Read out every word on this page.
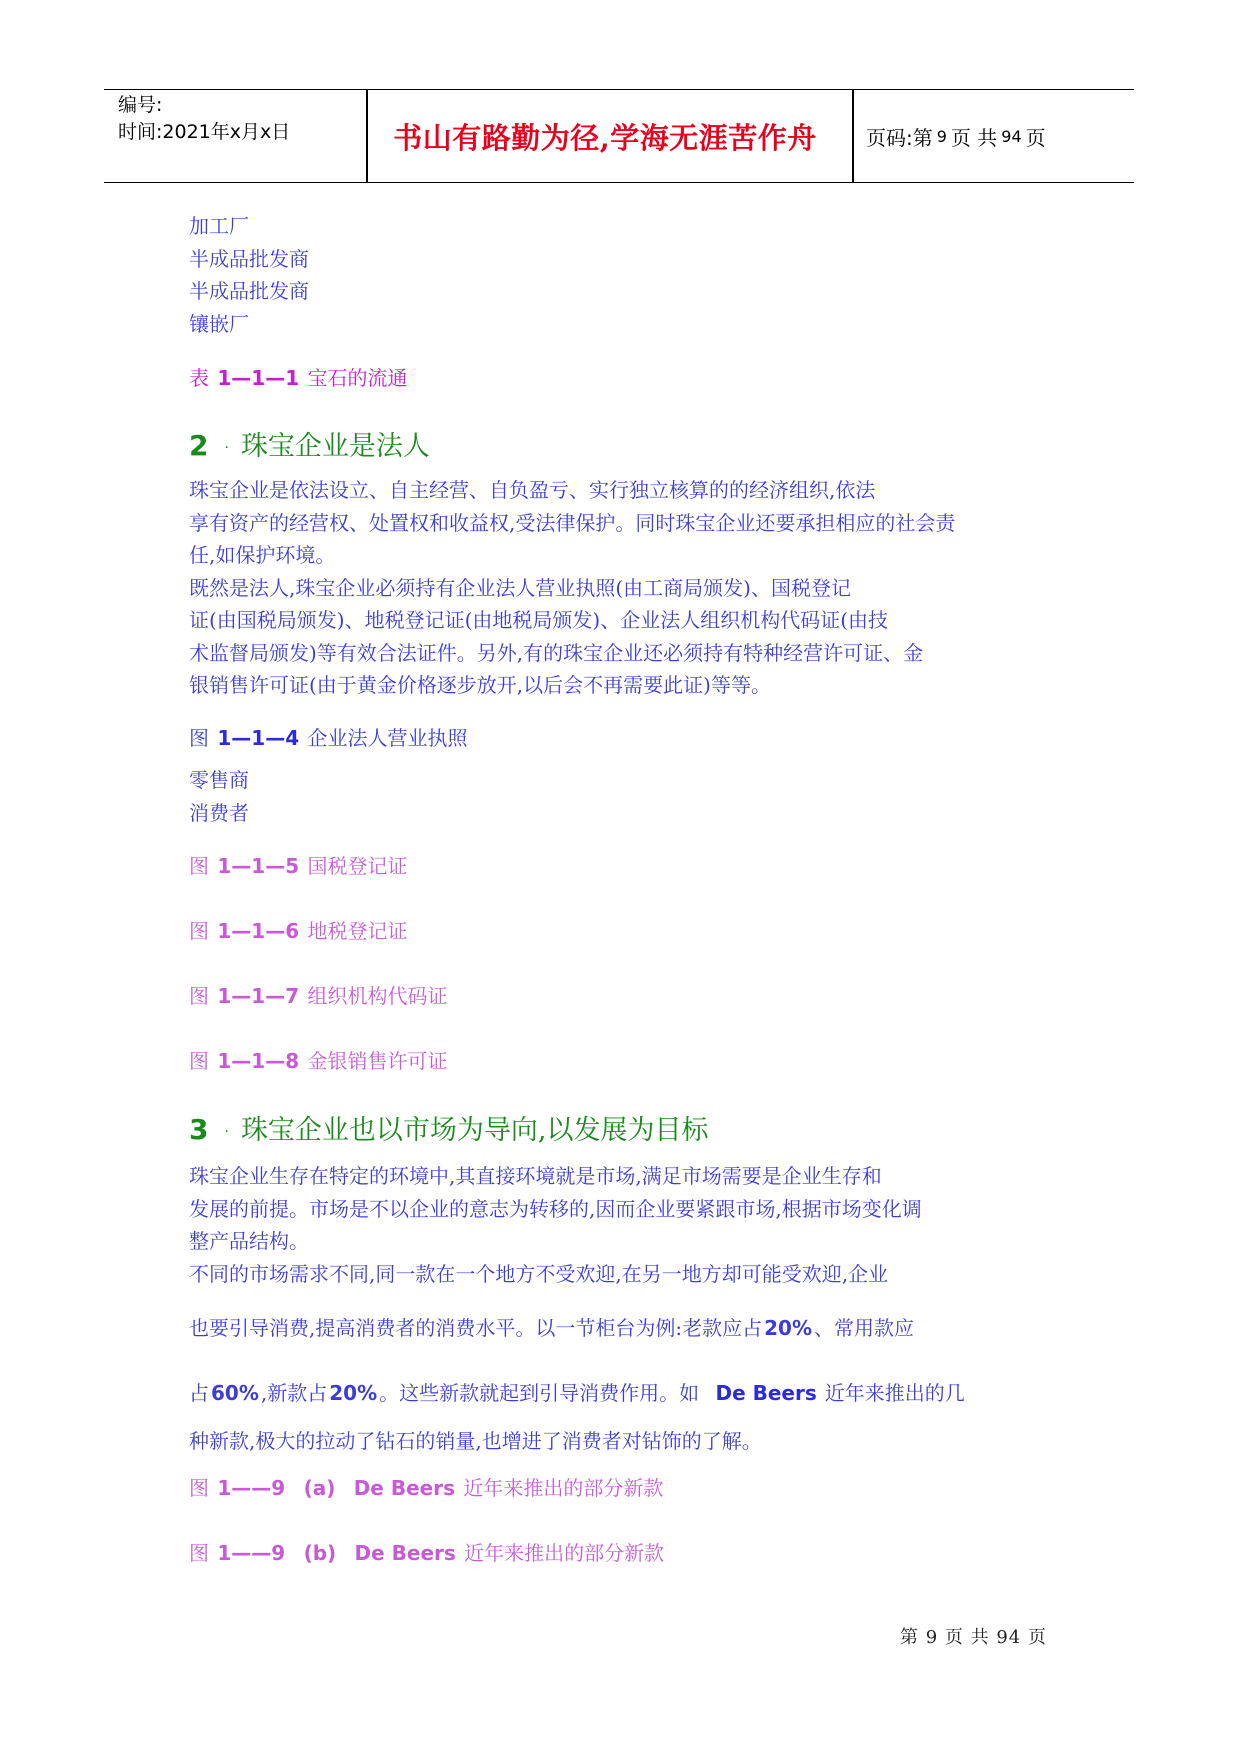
编号:
时间:2021年x月x日	书山有路勤为径,学海无涯苦作舟	页码:第 9 页 共 94 页
加工厂
半成品批发商
半成品批发商
镶嵌厂
表 1—1—1 宝石的流通
2 · 珠宝企业是法人
珠宝企业是依法设立、自主经营、自负盈亏、实行独立核算的的经济组织,依法
享有资产的经营权、处置权和收益权,受法律保护。同时珠宝企业还要承担相应的社会责
任,如保护环境。
既然是法人,珠宝企业必须持有企业法人营业执照(由工商局颁发)、国税登记
证(由国税局颁发)、地税登记证(由地税局颁发)、企业法人组织机构代码证(由技
术监督局颁发)等有效合法证件。另外,有的珠宝企业还必须持有特种经营许可证、金
银销售许可证(由于黄金价格逐步放开,以后会不再需要此证)等等。
图 1—1—4 企业法人营业执照
零售商
消费者
图 1—1—5 国税登记证
图 1—1—6 地税登记证
图 1—1—7 组织机构代码证
图 1—1—8 金银销售许可证
3 · 珠宝企业也以市场为导向,以发展为目标
珠宝企业生存在特定的环境中,其直接环境就是市场,满足市场需要是企业生存和
发展的前提。市场是不以企业的意志为转移的,因而企业要紧跟市场,根据市场变化调
整产品结构。
不同的市场需求不同,同一款在一个地方不受欢迎,在另一地方却可能受欢迎,企业
也要引导消费,提高消费者的消费水平。以一节柜台为例:老款应占 20% 、常用款应
占 60% ,新款占 20% 。这些新款就起到引导消费作用。如 De Beers 近年来推出的几
种新款,极大的拉动了钻石的销量,也增进了消费者对钻饰的了解。
图 1——9 (a) De Beers 近年来推出的部分新款
图 1——9 (b) De Beers 近年来推出的部分新款
第 9 页 共 94 页
